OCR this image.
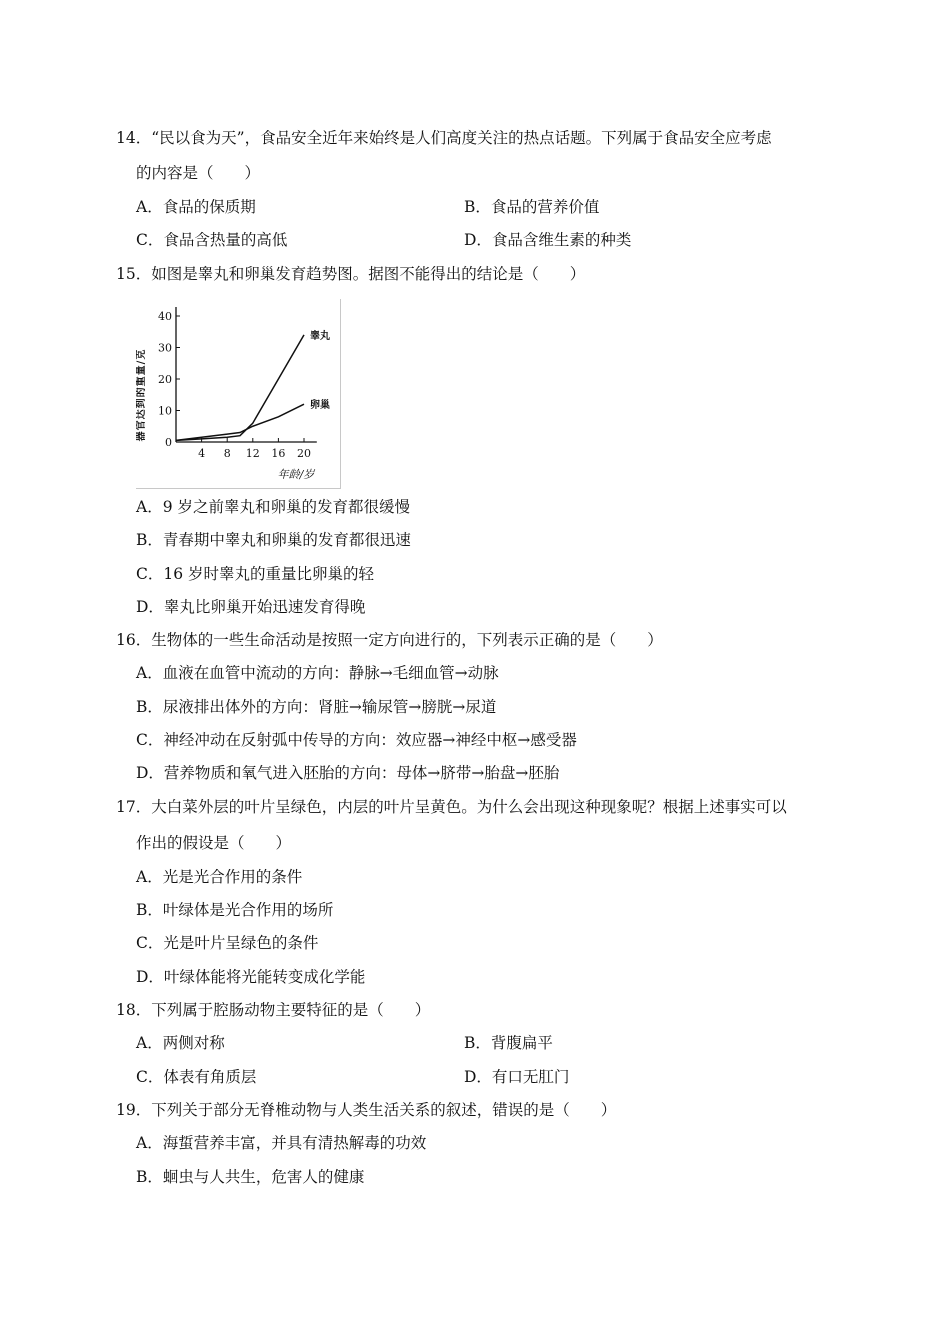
14．“民以食为天”，食品安全近年来始终是人们高度关注的热点话题。下列属于食品安全应考虑
的内容是（　　）
A．食品的保质期	B．食品的营养价值
C．食品含热量的高低	D．食品含维生素的种类
15．如图是睾丸和卵巢发育趋势图。据图不能得出的结论是（　　）
0
10
20
30
40
4 8 12 16 20
睾丸
卵巢
器官达到的重量/克
年龄/岁
A．9 岁之前睾丸和卵巢的发育都很缓慢
B．青春期中睾丸和卵巢的发育都很迅速
C．16 岁时睾丸的重量比卵巢的轻
D．睾丸比卵巢开始迅速发育得晚
16．生物体的一些生命活动是按照一定方向进行的，下列表示正确的是（　　）
A．血液在血管中流动的方向：静脉→毛细血管→动脉
B．尿液排出体外的方向：肾脏→输尿管→膀胱→尿道
C．神经冲动在反射弧中传导的方向：效应器→神经中枢→感受器
D．营养物质和氧气进入胚胎的方向：母体→脐带→胎盘→胚胎
17．大白菜外层的叶片呈绿色，内层的叶片呈黄色。为什么会出现这种现象呢？根据上述事实可以
作出的假设是（　　）
A．光是光合作用的条件
B．叶绿体是光合作用的场所
C．光是叶片呈绿色的条件
D．叶绿体能将光能转变成化学能
18．下列属于腔肠动物主要特征的是（　　）
A．两侧对称	B．背腹扁平
C．体表有角质层	D．有口无肛门
19．下列关于部分无脊椎动物与人类生活关系的叙述，错误的是（　　）
A．海蜇营养丰富，并具有清热解毒的功效
B．蛔虫与人共生，危害人的健康
